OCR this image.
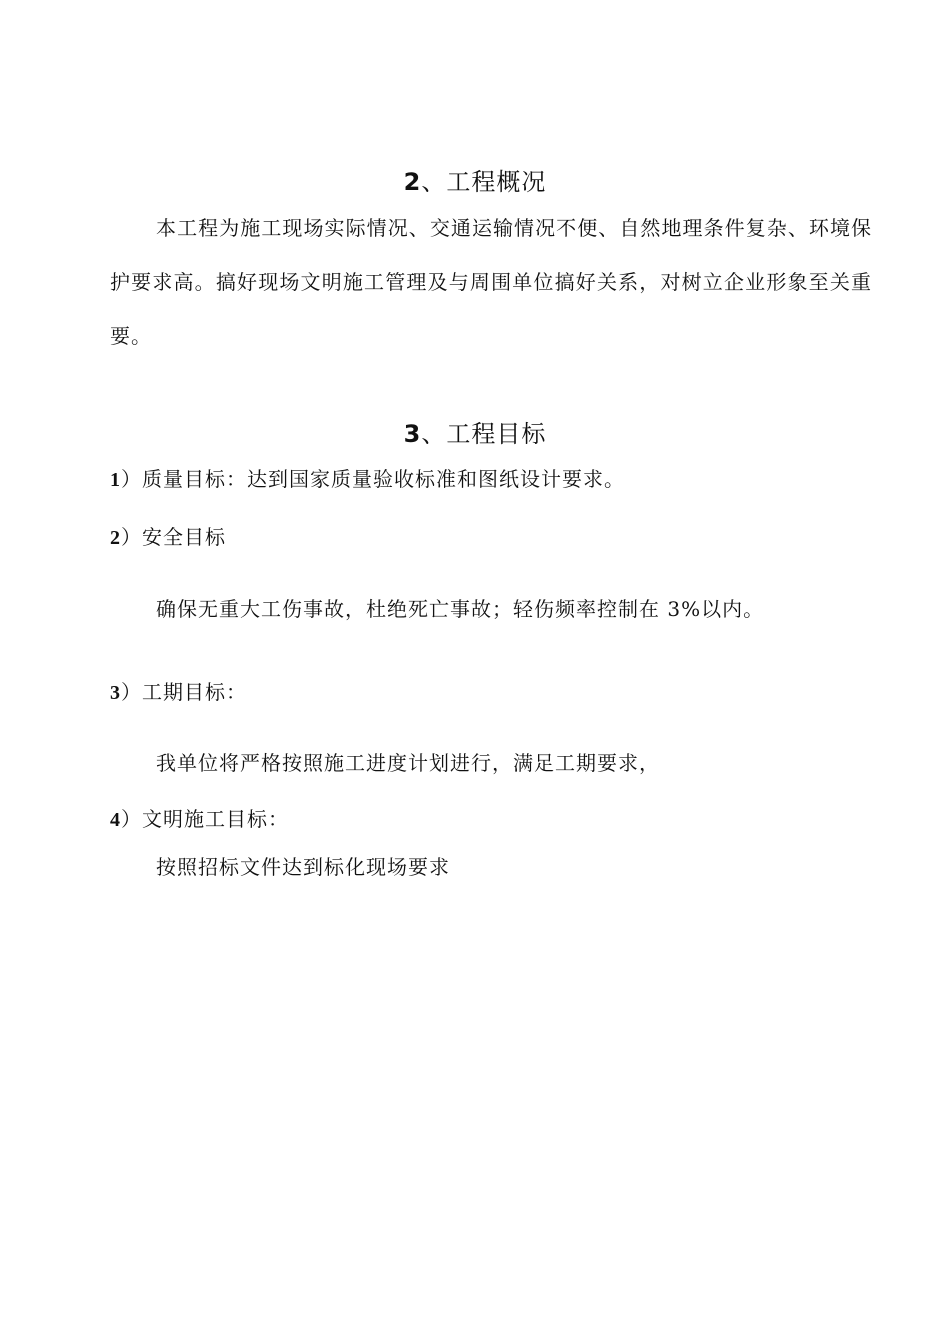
2、工程概况
本工程为施工现场实际情况、交通运输情况不便、自然地理条件复杂、环境保护要求高。搞好现场文明施工管理及与周围单位搞好关系，对树立企业形象至关重要。
3、工程目标
1）质量目标：达到国家质量验收标准和图纸设计要求。
2）安全目标
确保无重大工伤事故，杜绝死亡事故；轻伤频率控制在 3%以内。
3）工期目标：
我单位将严格按照施工进度计划进行，满足工期要求，
4）文明施工目标：
按照招标文件达到标化现场要求
